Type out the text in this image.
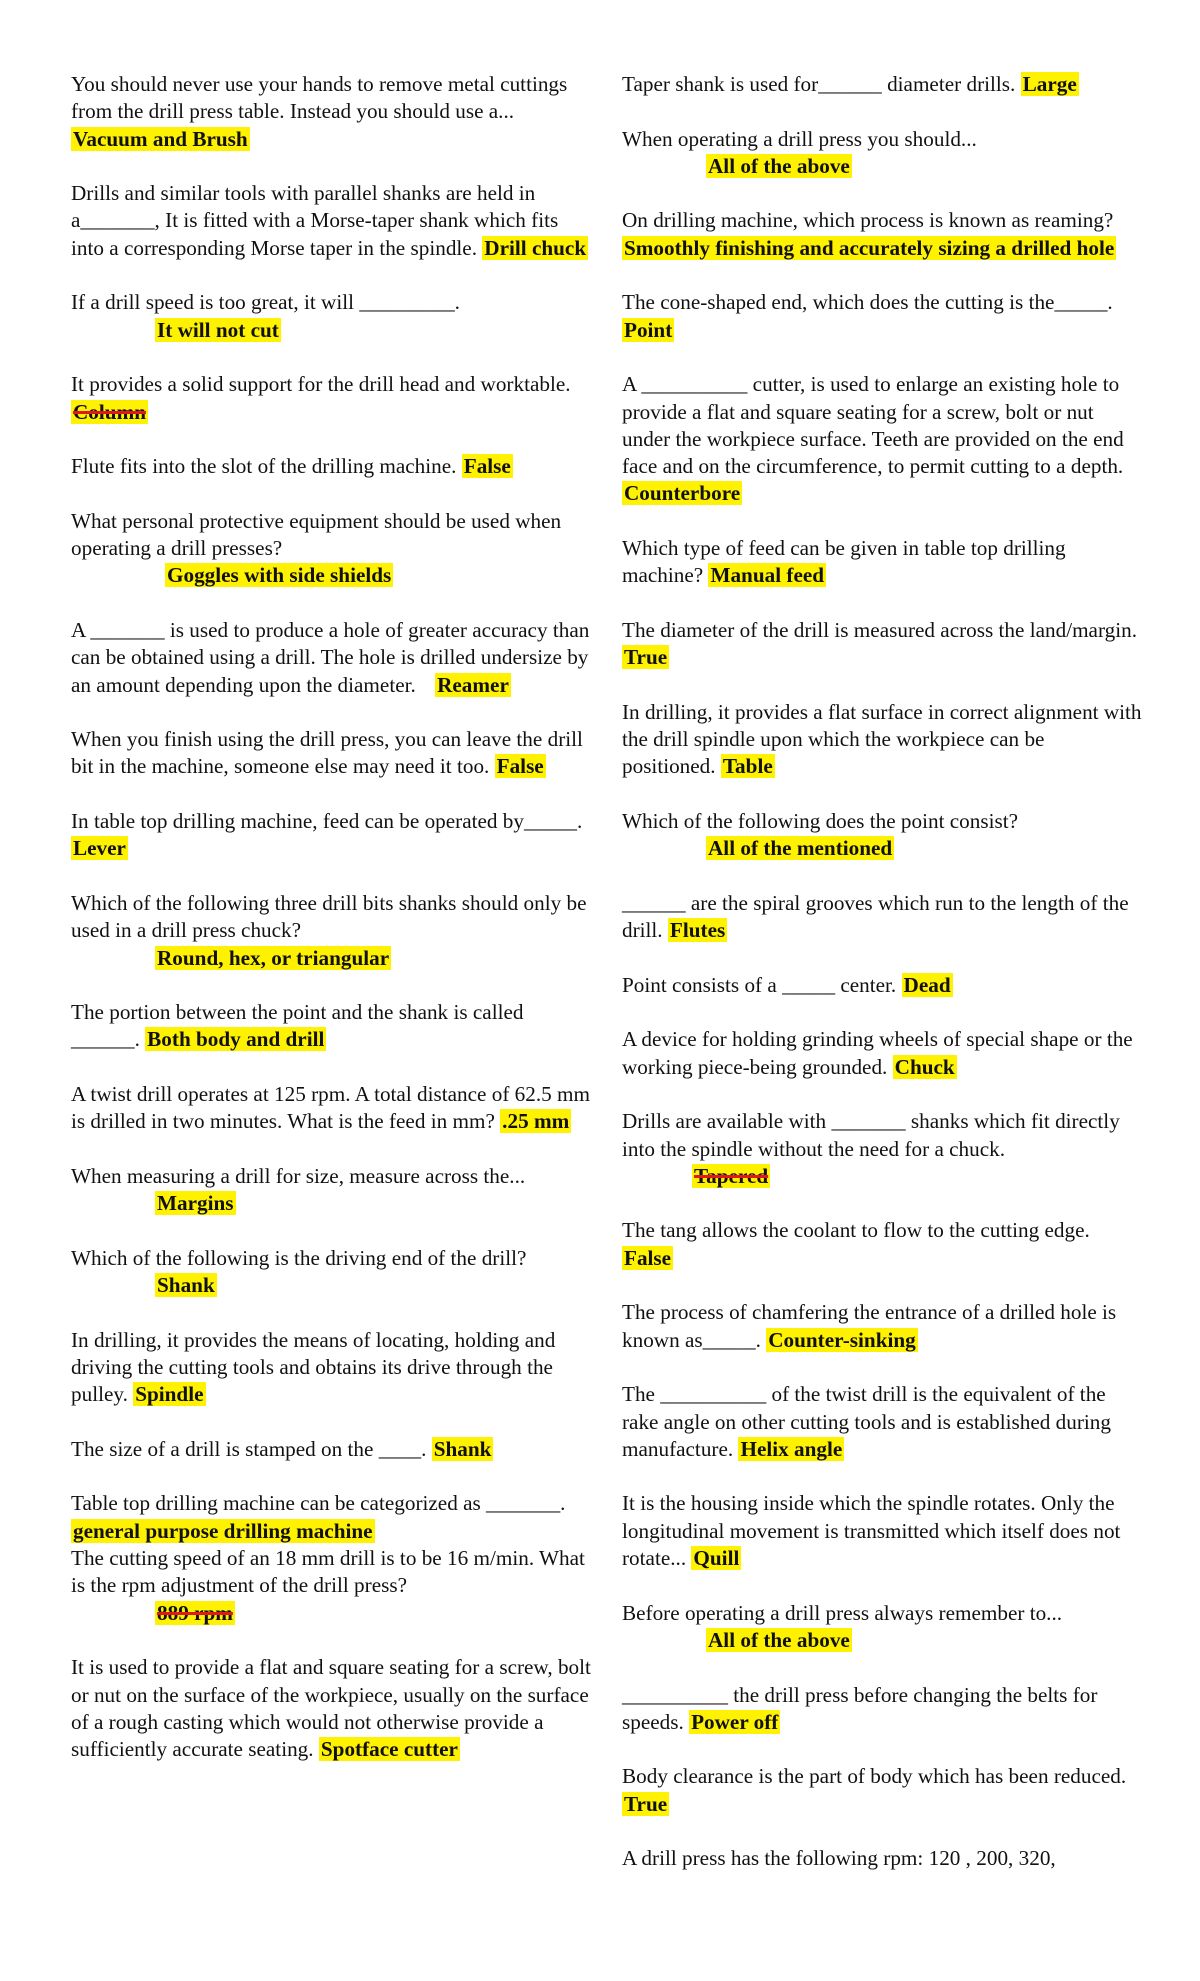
You should never use your hands to remove metal cuttings from the drill press table. Instead you should use a... Vacuum and Brush

Drills and similar tools with parallel shanks are held in a_______, It is fitted with a Morse-taper shank which fits into a corresponding Morse taper in the spindle. Drill chuck

If a drill speed is too great, it will _________.
It will not cut

It provides a solid support for the drill head and worktable. Column

Flute fits into the slot of the drilling machine. False

What personal protective equipment should be used when operating a drill presses?
Goggles with side shields

A _______ is used to produce a hole of greater accuracy than can be obtained using a drill. The hole is drilled undersize by an amount depending upon the diameter. Reamer

When you finish using the drill press, you can leave the drill bit in the machine, someone else may need it too. False

In table top drilling machine, feed can be operated by_____. Lever

Which of the following three drill bits shanks should only be used in a drill press chuck?
Round, hex, or triangular

The portion between the point and the shank is called ______. Both body and drill

A twist drill operates at 125 rpm. A total distance of 62.5 mm is drilled in two minutes. What is the feed in mm? .25 mm

When measuring a drill for size, measure across the...
Margins

Which of the following is the driving end of the drill?
Shank

In drilling, it provides the means of locating, holding and driving the cutting tools and obtains its drive through the pulley. Spindle

The size of a drill is stamped on the ____. Shank

Table top drilling machine can be categorized as _______. general purpose drilling machine

The cutting speed of an 18 mm drill is to be 16 m/min. What is the rpm adjustment of the drill press?
889 rpm

It is used to provide a flat and square seating for a screw, bolt or nut on the surface of the workpiece, usually on the surface of a rough casting which would not otherwise provide a sufficiently accurate seating. Spotface cutter

Taper shank is used for______ diameter drills. Large

When operating a drill press you should...
All of the above

On drilling machine, which process is known as reaming? Smoothly finishing and accurately sizing a drilled hole

The cone-shaped end, which does the cutting is the_____. Point

A __________ cutter, is used to enlarge an existing hole to provide a flat and square seating for a screw, bolt or nut under the workpiece surface. Teeth are provided on the end face and on the circumference, to permit cutting to a depth. Counterbore

Which type of feed can be given in table top drilling machine? Manual feed

The diameter of the drill is measured across the land/margin. True

In drilling, it provides a flat surface in correct alignment with the drill spindle upon which the workpiece can be positioned. Table

Which of the following does the point consist?
All of the mentioned

______ are the spiral grooves which run to the length of the drill. Flutes

Point consists of a _____ center. Dead

A device for holding grinding wheels of special shape or the working piece-being grounded. Chuck

Drills are available with _______ shanks which fit directly into the spindle without the need for a chuck.
Tapered

The tang allows the coolant to flow to the cutting edge. False

The process of chamfering the entrance of a drilled hole is known as_____. Counter-sinking

The __________ of the twist drill is the equivalent of the rake angle on other cutting tools and is established during manufacture. Helix angle

It is the housing inside which the spindle rotates. Only the longitudinal movement is transmitted which itself does not rotate... Quill

Before operating a drill press always remember to...
All of the above

__________ the drill press before changing the belts for speeds. Power off

Body clearance is the part of body which has been reduced. True

A drill press has the following rpm: 120 , 200, 320,
